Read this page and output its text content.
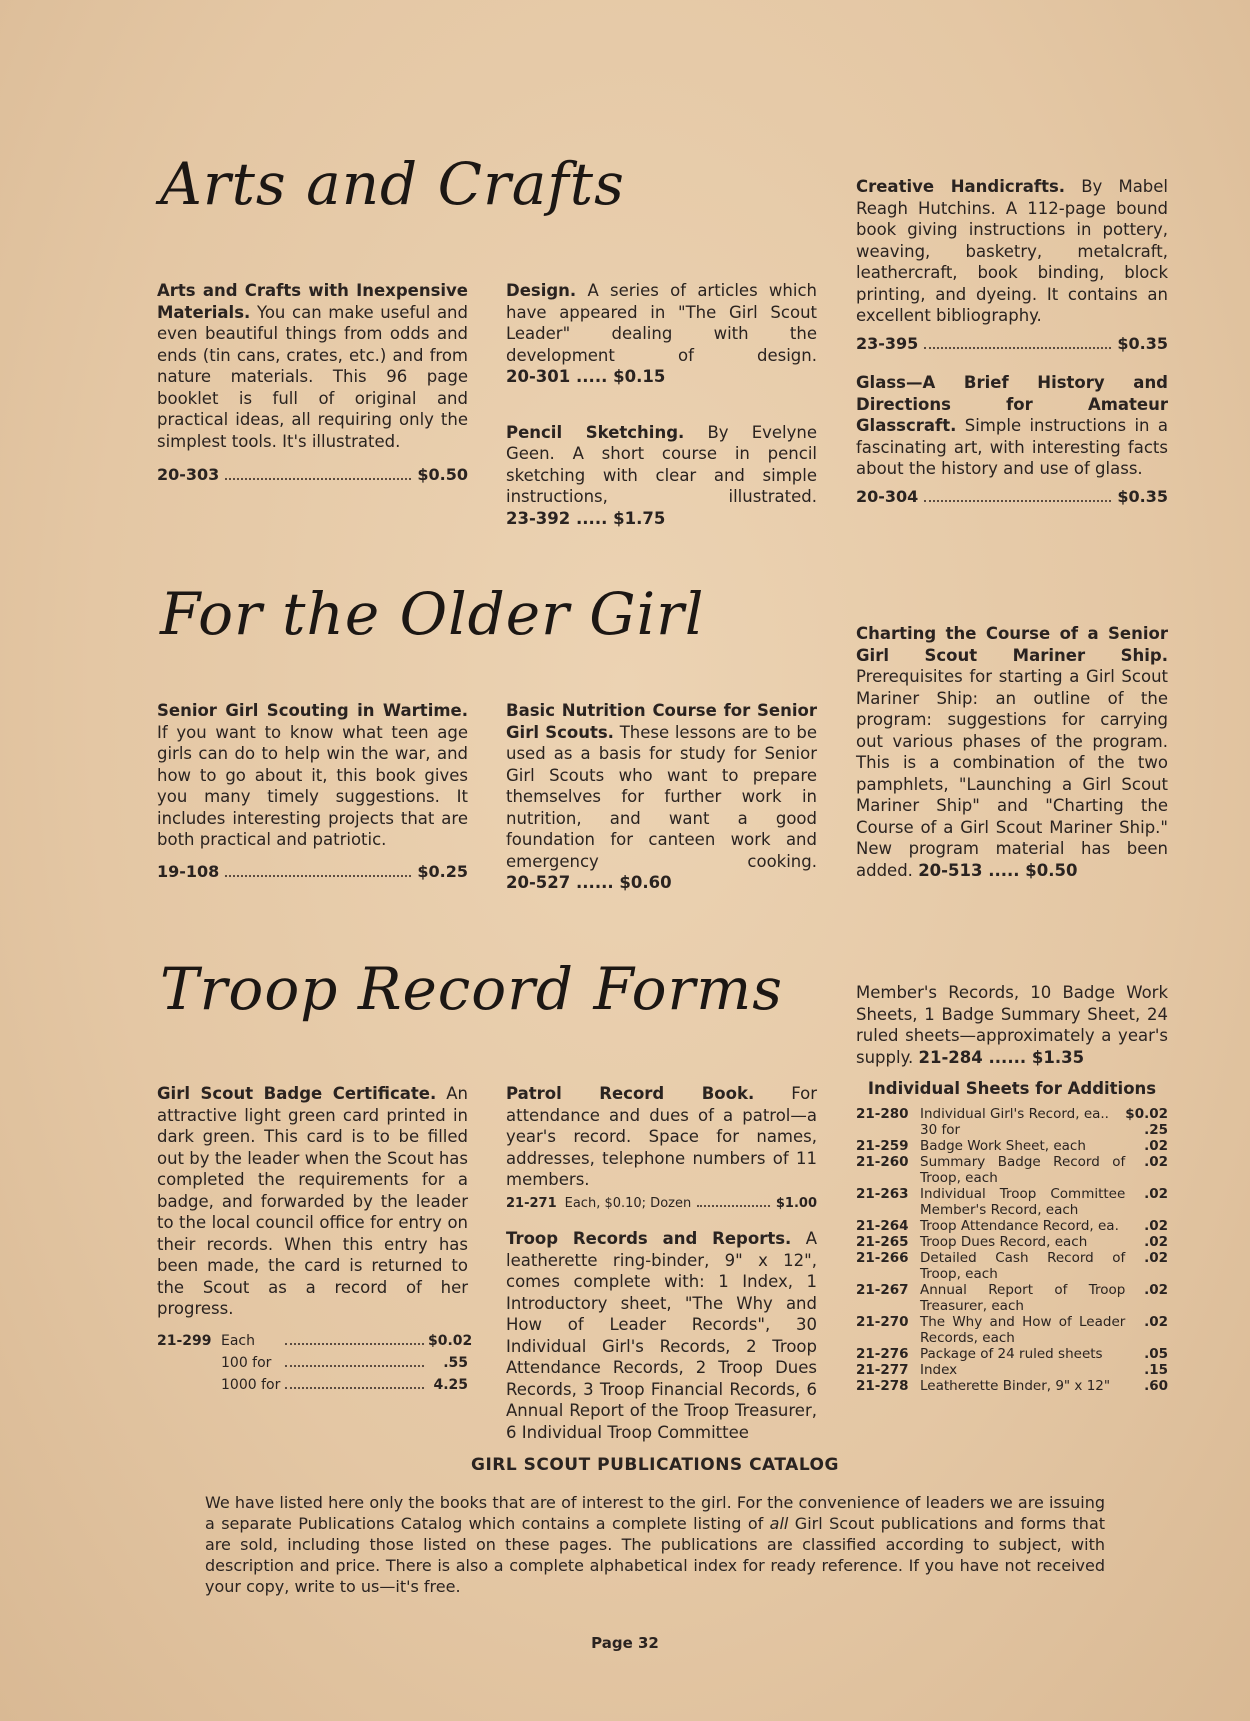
Arts and Crafts

Arts and Crafts with Inexpensive Materials. You can make useful and even beautiful things from odds and ends (tin cans, crates, etc.) and from nature materials. This 96 page booklet is full of original and practical ideas, all requiring only the simplest tools. It's illustrated.

20-303	$0.50

Design. A series of articles which have appeared in "The Girl Scout Leader" dealing with the development of design. 20-301 ..... $0.15

Pencil Sketching. By Evelyne Geen. A short course in pencil sketching with clear and simple instructions, illustrated. 23-392 ..... $1.75

Creative Handicrafts. By Mabel Reagh Hutchins. A 112-page bound book giving instructions in pottery, weaving, basketry, metalcraft, leathercraft, book binding, block printing, and dyeing. It contains an excellent bibliography.

23-395	$0.35

Glass—A Brief History and Directions for Amateur Glasscraft. Simple instructions in a fascinating art, with interesting facts about the history and use of glass.

20-304	$0.35
For the Older Girl

Senior Girl Scouting in Wartime. If you want to know what teen age girls can do to help win the war, and how to go about it, this book gives you many timely suggestions. It includes interesting projects that are both practical and patriotic.

19-108	$0.25

Basic Nutrition Course for Senior Girl Scouts. These lessons are to be used as a basis for study for Senior Girl Scouts who want to prepare themselves for further work in nutrition, and want a good foundation for canteen work and emergency cooking. 20-527 ...... $0.60

Charting the Course of a Senior Girl Scout Mariner Ship. Prerequisites for starting a Girl Scout Mariner Ship: an outline of the program: suggestions for carrying out various phases of the program. This is a combination of the two pamphlets, "Launching a Girl Scout Mariner Ship" and "Charting the Course of a Girl Scout Mariner Ship." New program material has been added. 20-513 ..... $0.50

Troop Record Forms

Girl Scout Badge Certificate. An attractive light green card printed in dark green. This card is to be filled out by the leader when the Scout has completed the requirements for a badge, and forwarded by the leader to the local council office for entry on their records. When this entry has been made, the card is returned to the Scout as a record of her progress.

21-299 Each	$0.02
100 for	.55
1000 for	4.25

Patrol Record Book. For attendance and dues of a patrol—a year's record. Space for names, addresses, telephone numbers of 11 members.

21-271 Each, $0.10; Dozen	$1.00

Troop Records and Reports. A leatherette ring-binder, 9" x 12", comes complete with: 1 Index, 1 Introductory sheet, "The Why and How of Leader Records", 30 Individual Girl's Records, 2 Troop Attendance Records, 2 Troop Dues Records, 3 Troop Financial Records, 6 Annual Report of the Troop Treasurer, 6 Individual Troop Committee

Member's Records, 10 Badge Work Sheets, 1 Badge Summary Sheet, 24 ruled sheets—approximately a year's supply. 21-284 ...... $1.35

Individual Sheets for Additions
21-280	Individual Girl's Record, ea..	$0.02
	30 for	.25
21-259	Badge Work Sheet, each	.02
21-260	Summary Badge Record of Troop, each	.02
21-263	Individual Troop Committee Member's Record, each	.02
21-264	Troop Attendance Record, ea.	.02
21-265	Troop Dues Record, each	.02
21-266	Detailed Cash Record of Troop, each	.02
21-267	Annual Report of Troop Treasurer, each	.02
21-270	The Why and How of Leader Records, each	.02
21-276	Package of 24 ruled sheets	.05
21-277	Index	.15
21-278	Leatherette Binder, 9" x 12"	.60
GIRL SCOUT PUBLICATIONS CATALOG

We have listed here only the books that are of interest to the girl. For the convenience of leaders we are issuing a separate Publications Catalog which contains a complete listing of all Girl Scout publications and forms that are sold, including those listed on these pages. The publications are classified according to subject, with description and price. There is also a complete alphabetical index for ready reference. If you have not received your copy, write to us—it's free.

Page 32
